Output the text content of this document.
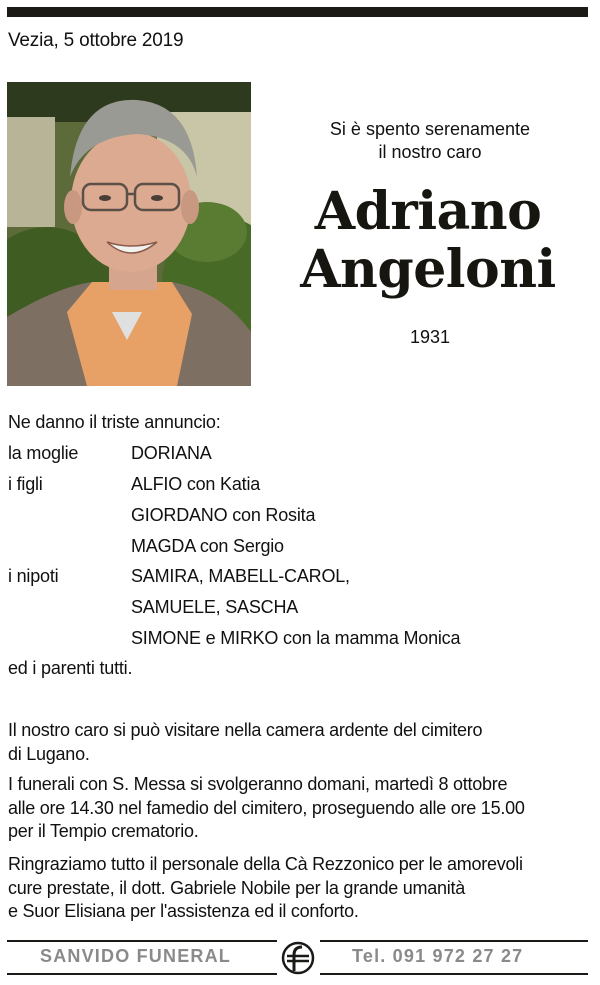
Vezia, 5 ottobre 2019
Si è spento serenamente
il nostro caro
Adriano
Angeloni
1931
Ne danno il triste annuncio:
la moglie	DORIANA
i figli	ALFIO con Katia
GIORDANO con Rosita
MAGDA con Sergio
i nipoti	SAMIRA, MABELL-CAROL,
SAMUELE, SASCHA
SIMONE e MIRKO con la mamma Monica
ed i parenti tutti.
Il nostro caro si può visitare nella camera ardente del cimitero
di Lugano.
I funerali con S. Messa si svolgeranno domani, martedì 8 ottobre
alle ore 14.30 nel famedio del cimitero, proseguendo alle ore 15.00
per il Tempio crematorio.
Ringraziamo tutto il personale della Cà Rezzonico per le amorevoli
cure prestate, il dott. Gabriele Nobile per la grande umanità
e Suor Elisiana per l'assistenza ed il conforto.
SANVIDO FUNERAL	Tel. 091 972 27 27
